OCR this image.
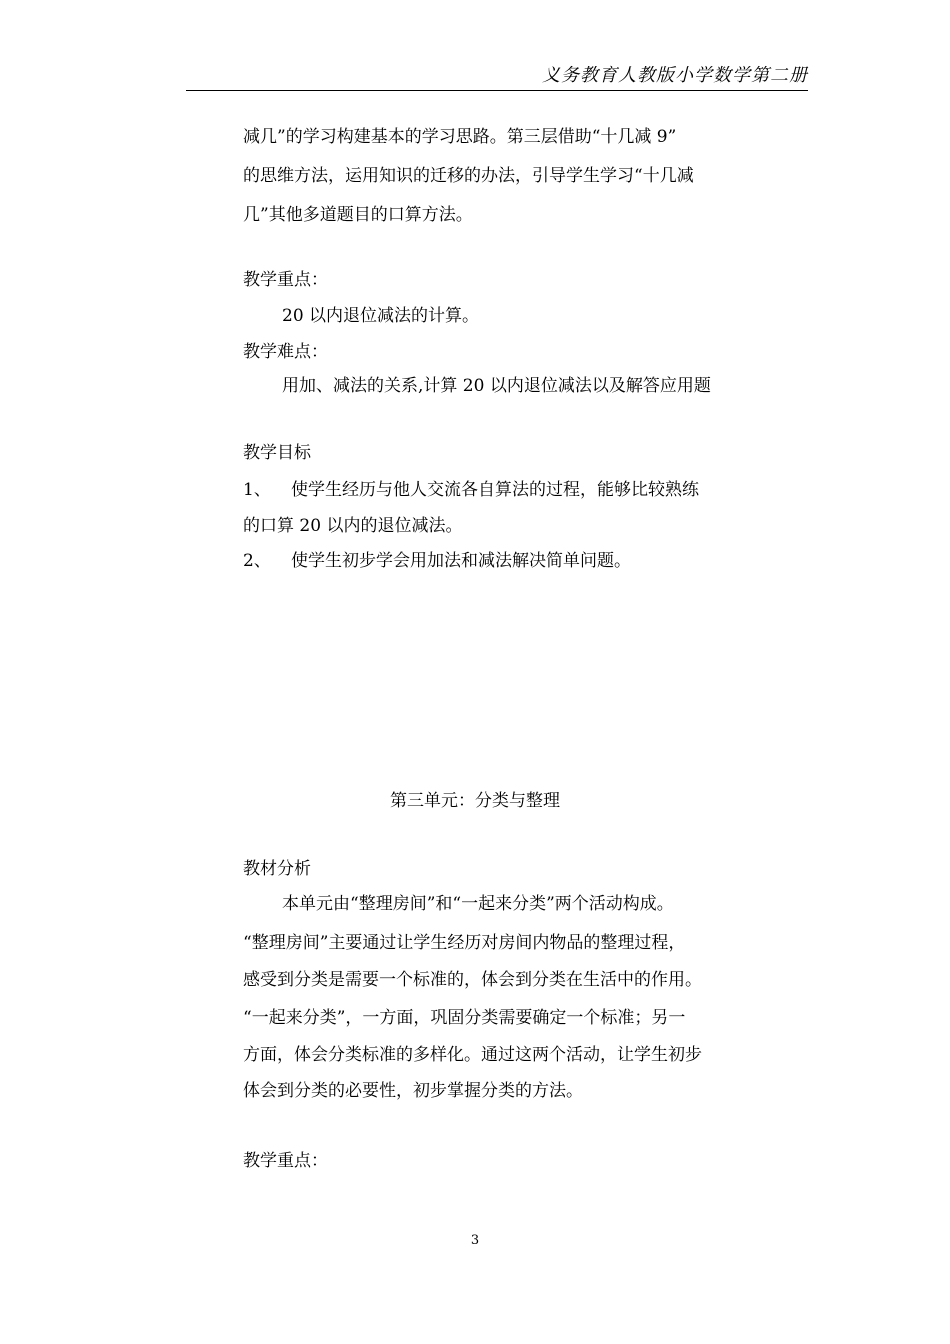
义务教育人教版小学数学第二册
减几”的学习构建基本的学习思路。第三层借助“十几减 9”
的思维方法，运用知识的迁移的办法，引导学生学习“十几减
几”其他多道题目的口算方法。
教学重点：
20 以内退位减法的计算。
教学难点：
用加、减法的关系,计算 20 以内退位减法以及解答应用题
教学目标
1、 使学生经历与他人交流各自算法的过程，能够比较熟练
的口算 20 以内的退位减法。
2、 使学生初步学会用加法和减法解决简单问题。
第三单元：分类与整理
教材分析
本单元由“整理房间”和“一起来分类”两个活动构成。
“整理房间”主要通过让学生经历对房间内物品的整理过程，
感受到分类是需要一个标准的，体会到分类在生活中的作用。
“一起来分类”，一方面，巩固分类需要确定一个标准；另一
方面，体会分类标准的多样化。通过这两个活动，让学生初步
体会到分类的必要性，初步掌握分类的方法。
教学重点：
3
